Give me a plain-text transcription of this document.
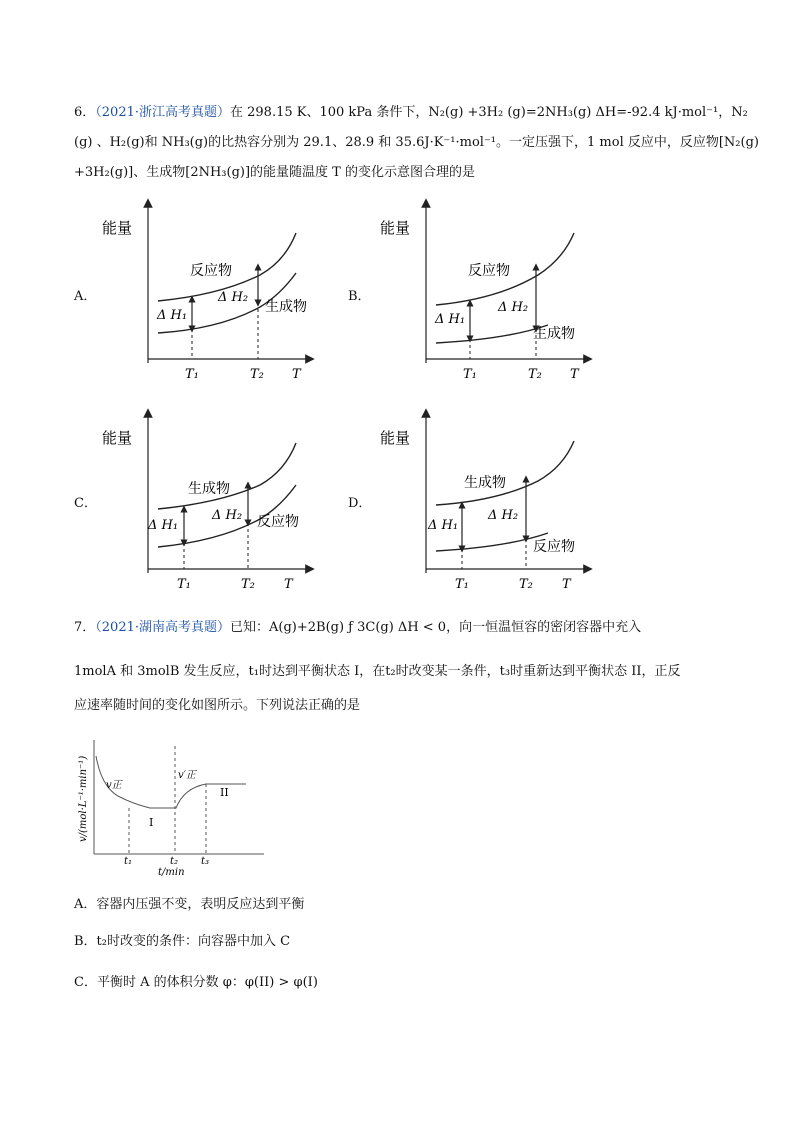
6．（2021·浙江高考真题）在 298.15 K、100 kPa 条件下，N₂(g) +3H₂ (g)=2NH₃(g) ΔH=-92.4 kJ·mol⁻¹，N₂
(g) 、H₂(g)和 NH₃(g)的比热容分别为 29.1、28.9 和 35.6J·K⁻¹·mol⁻¹。一定压强下，1 mol 反应中，反应物[N₂(g)
+3H₂(g)]、生成物[2NH₃(g)]的能量随温度 T 的变化示意图合理的是
A．	B．
C．	D．
能量
反应物
生成物
Δ H₁
Δ H₂
T₁	T₂ T
能量
反应物
生成物
Δ H₁
Δ H₂
T₁	T₂ T
能量
生成物
反应物
Δ H₁
Δ H₂
T₁	T₂ T
能量
生成物
反应物
Δ H₁
Δ H₂
T₁	T₂ T
7．（2021·湖南高考真题）已知：A(g)+2B(g) ƒ 3C(g) ΔH < 0，向一恒温恒容的密闭容器中充入
1molA 和 3molB 发生反应，t₁时达到平衡状态 I，在t₂时改变某一条件，t₃时重新达到平衡状态 II，正反
应速率随时间的变化如图所示。下列说法正确的是
v/(mol·L⁻¹·min⁻¹) v正
v′正
I
II
t₁	t₂ t₃
t/min
A．容器内压强不变，表明反应达到平衡
B．t₂时改变的条件：向容器中加入 C
C．平衡时 A 的体积分数 φ：φ(II) > φ(I)
